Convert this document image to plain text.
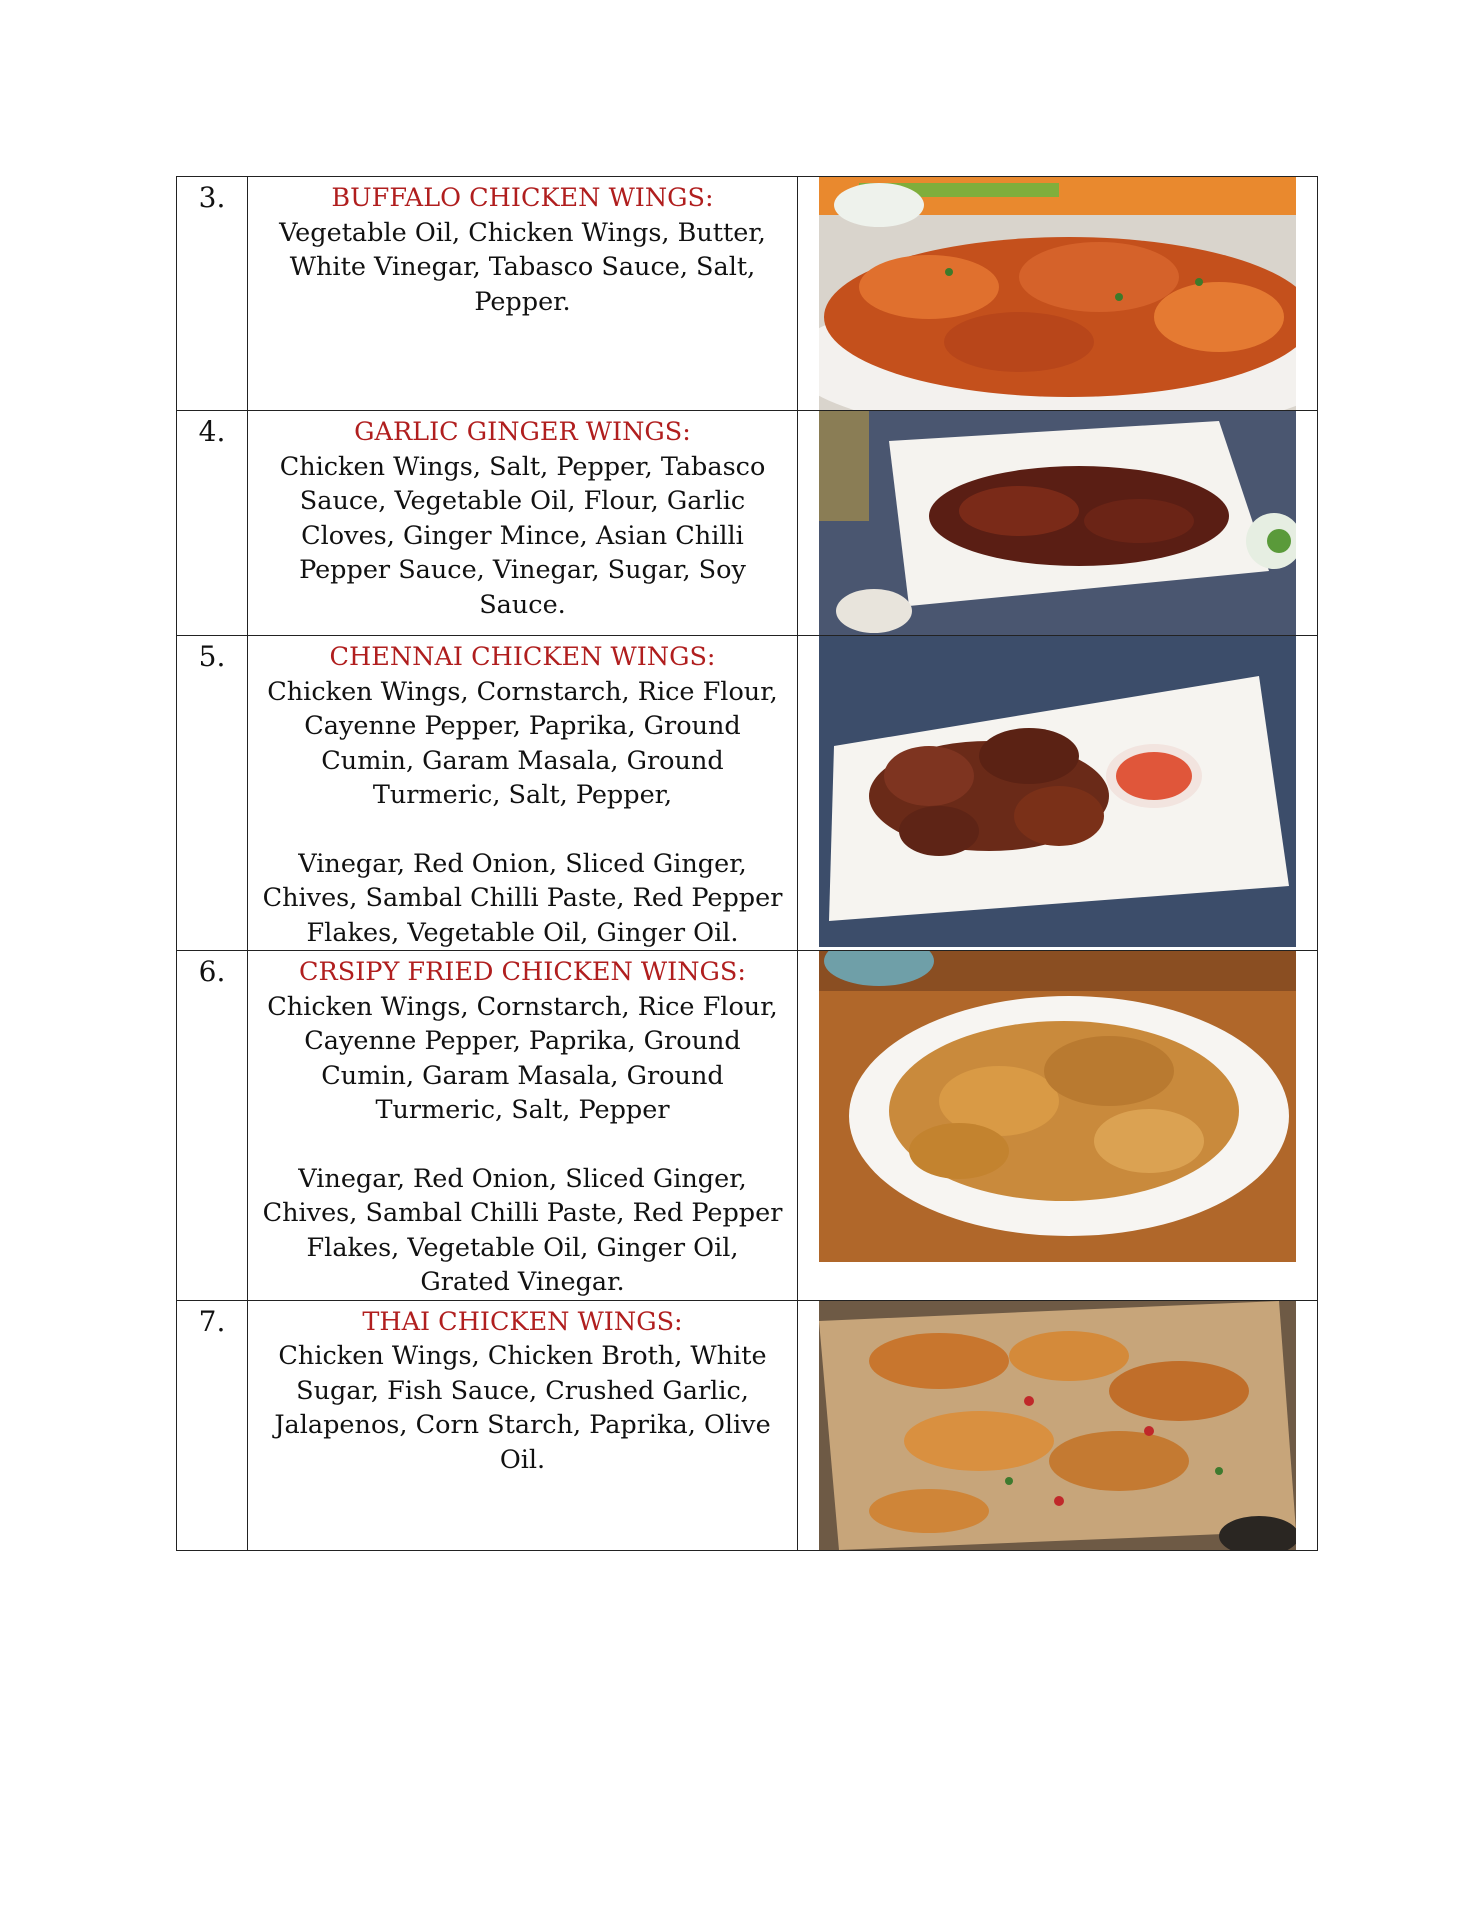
3.	BUFFALO CHICKEN WINGS:
Vegetable Oil, Chicken Wings, Butter, White Vinegar, Tabasco Sauce, Salt, Pepper.

4.	GARLIC GINGER WINGS:
Chicken Wings, Salt, Pepper, Tabasco Sauce, Vegetable Oil, Flour, Garlic Cloves, Ginger Mince, Asian Chilli Pepper Sauce, Vinegar, Sugar, Soy Sauce.

5.	CHENNAI CHICKEN WINGS:
Chicken Wings, Cornstarch, Rice Flour, Cayenne Pepper, Paprika, Ground Cumin, Garam Masala, Ground Turmeric, Salt, Pepper,
Vinegar, Red Onion, Sliced Ginger, Chives, Sambal Chilli Paste, Red Pepper Flakes, Vegetable Oil, Ginger Oil.

6.	CRSIPY FRIED CHICKEN WINGS:
Chicken Wings, Cornstarch, Rice Flour, Cayenne Pepper, Paprika, Ground Cumin, Garam Masala, Ground Turmeric, Salt, Pepper
Vinegar, Red Onion, Sliced Ginger, Chives, Sambal Chilli Paste, Red Pepper Flakes, Vegetable Oil, Ginger Oil, Grated Vinegar.

7.	THAI CHICKEN WINGS:
Chicken Wings, Chicken Broth, White Sugar, Fish Sauce, Crushed Garlic, Jalapenos, Corn Starch, Paprika, Olive Oil.
